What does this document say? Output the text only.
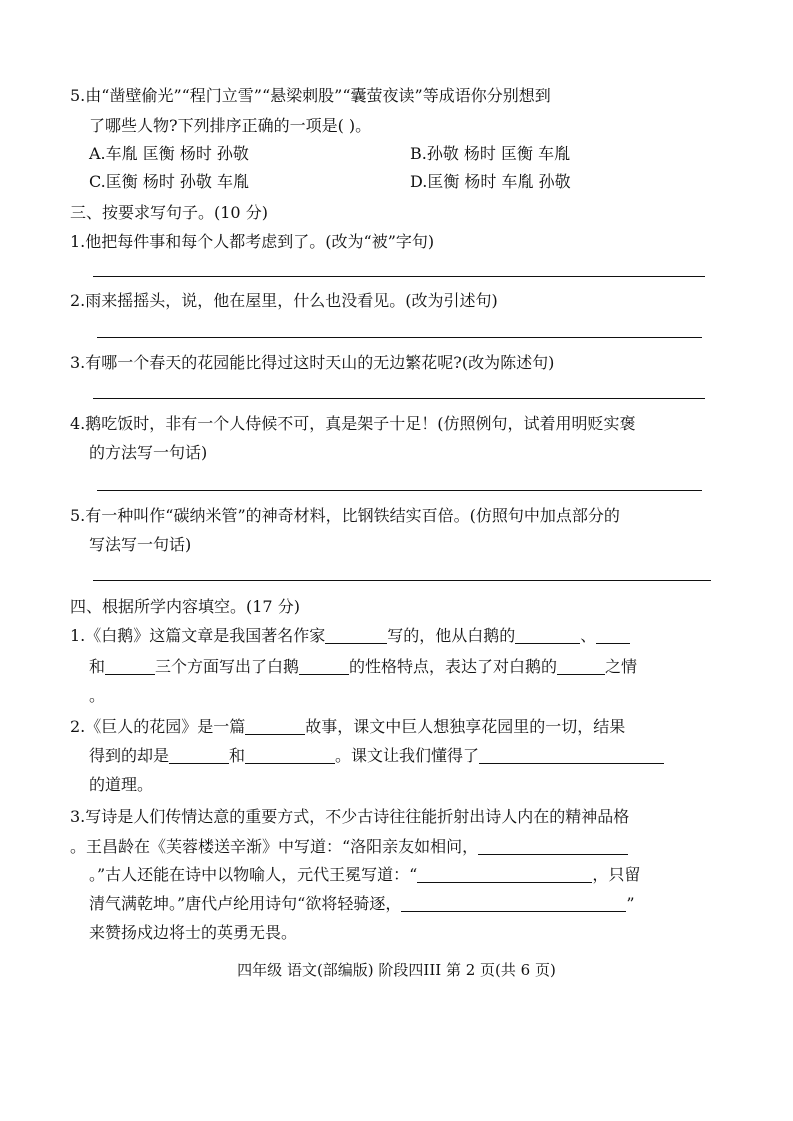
5.由“凿壁偷光”“程门立雪”“悬梁刺股”“囊萤夜读”等成语你分别想到
了哪些人物?下列排序正确的一项是( )。
A.车胤 匡衡 杨时 孙敬	B.孙敬 杨时 匡衡 车胤
C.匡衡 杨时 孙敬 车胤	D.匡衡 杨时 车胤 孙敬
三、按要求写句子。(10 分)
1.他把每件事和每个人都考虑到了。(改为“被”字句)
2.雨来摇摇头，说，他在屋里，什么也没看见。(改为引述句)
3.有哪一个春天的花园能比得过这时天山的无边繁花呢?(改为陈述句)
4.鹅吃饭时，非有一个人侍候不可，真是架子十足！(仿照例句，试着用明贬实褒
的方法写一句话)
5.有一种叫作“碳纳米管”的神奇材料，比钢铁结实百倍。(仿照句中加点部分的
写法写一句话)
四、根据所学内容填空。(17 分)
1.《白鹅》这篇文章是我国著名作家	写的，他从白鹅的	、
和	三个方面写出了白鹅	的性格特点，表达了对白鹅的	之情
。
2.《巨人的花园》是一篇	故事，课文中巨人想独享花园里的一切，结果
得到的却是	和	。课文让我们懂得了
的道理。
3.写诗是人们传情达意的重要方式，不少古诗往往能折射出诗人内在的精神品格
。王昌龄在《芙蓉楼送辛渐》中写道：“洛阳亲友如相问，
。”古人还能在诗中以物喻人，元代王冕写道：“	，只留
清气满乾坤。”唐代卢纶用诗句“欲将轻骑逐，	”
来赞扬戍边将士的英勇无畏。
四年级 语文(部编版) 阶段四III 第 2 页(共 6 页)
